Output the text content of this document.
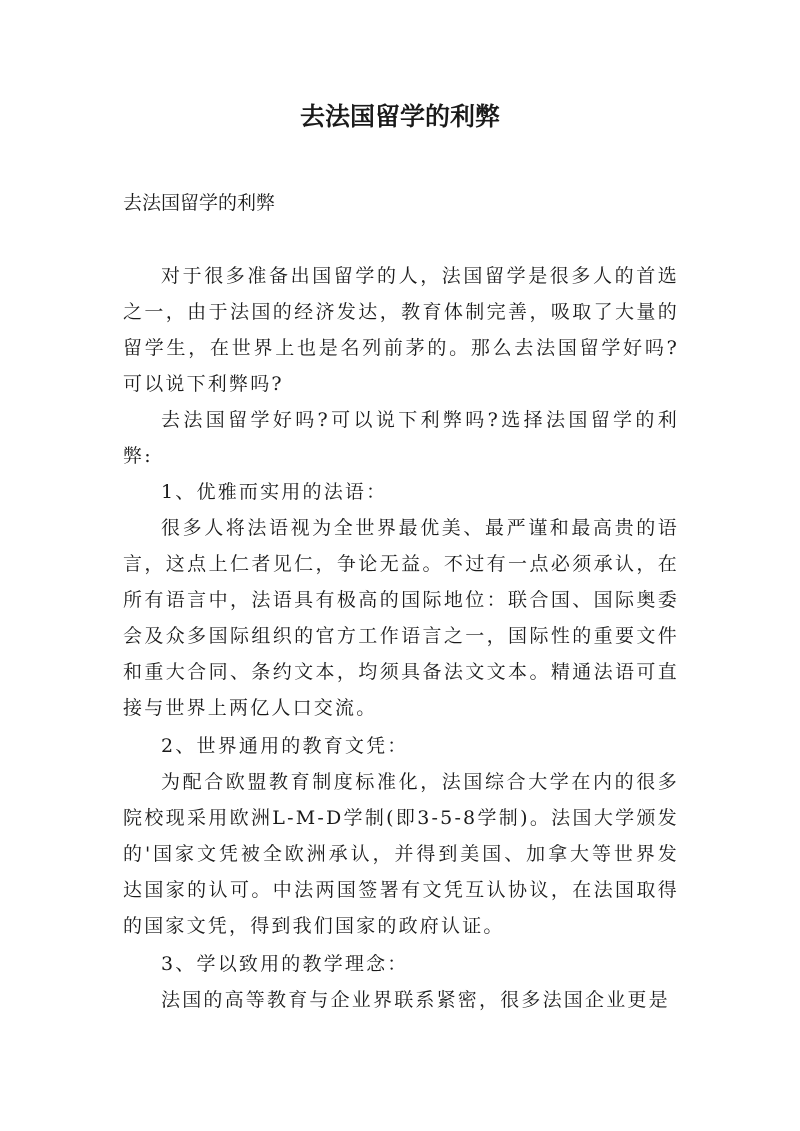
去法国留学的利弊

去法国留学的利弊

对于很多准备出国留学的人，法国留学是很多人的首选之一，由于法国的经济发达，教育体制完善，吸取了大量的留学生，在世界上也是名列前茅的。那么去法国留学好吗?可以说下利弊吗?

去法国留学好吗?可以说下利弊吗?选择法国留学的利弊:

1、优雅而实用的法语：

很多人将法语视为全世界最优美、最严谨和最高贵的语言，这点上仁者见仁，争论无益。不过有一点必须承认，在所有语言中，法语具有极高的国际地位：联合国、国际奥委会及众多国际组织的官方工作语言之一，国际性的重要文件和重大合同、条约文本，均须具备法文文本。精通法语可直接与世界上两亿人口交流。

2、世界通用的教育文凭：

为配合欧盟教育制度标准化，法国综合大学在内的很多院校现采用欧洲L-M-D学制(即3-5-8学制)。法国大学颁发的'国家文凭被全欧洲承认，并得到美国、加拿大等世界发达国家的认可。中法两国签署有文凭互认协议，在法国取得的国家文凭，得到我们国家的政府认证。

3、学以致用的教学理念：

法国的高等教育与企业界联系紧密，很多法国企业更是
